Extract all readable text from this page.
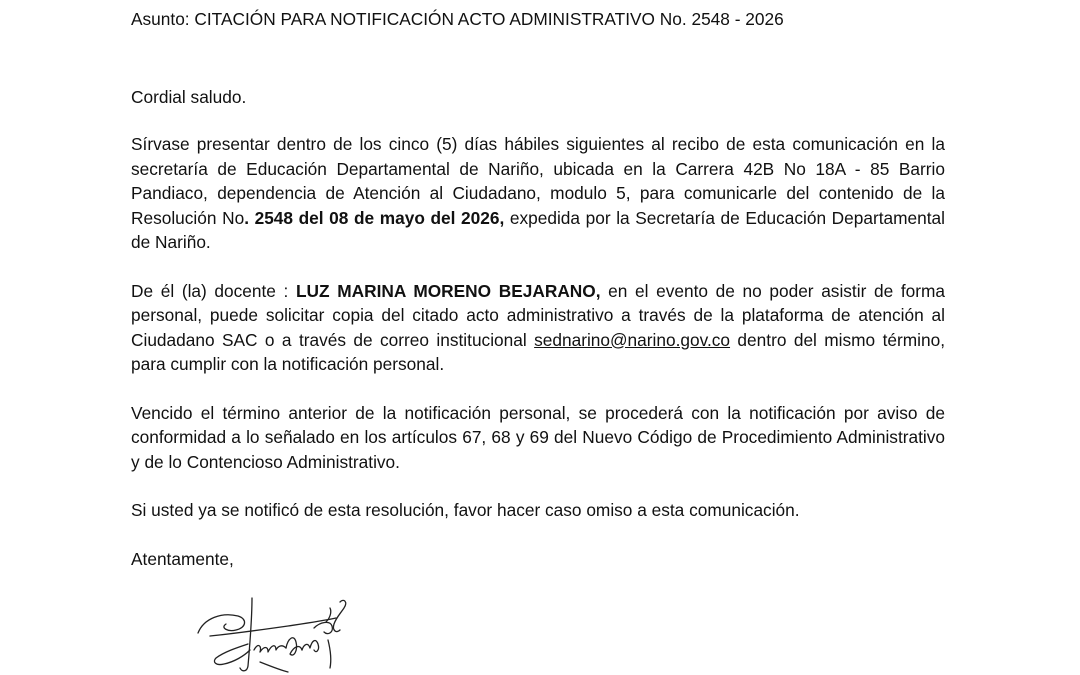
Asunto: CITACIÓN PARA NOTIFICACIÓN ACTO ADMINISTRATIVO No. 2548 - 2026

Cordial saludo.

Sírvase presentar dentro de los cinco (5) días hábiles siguientes al recibo de esta comunicación en la secretaría de Educación Departamental de Nariño, ubicada en la Carrera 42B No 18A - 85 Barrio Pandiaco, dependencia de Atención al Ciudadano, modulo 5, para comunicarle del contenido de la Resolución No. 2548 del 08 de mayo del 2026, expedida por la Secretaría de Educación Departamental de Nariño.

De él (la) docente : LUZ MARINA MORENO BEJARANO, en el evento de no poder asistir de forma personal, puede solicitar copia del citado acto administrativo a través de la plataforma de atención al Ciudadano SAC o a través de correo institucional sednarino@narino.gov.co dentro del mismo término, para cumplir con la notificación personal.

Vencido el término anterior de la notificación personal, se procederá con la notificación por aviso de conformidad a lo señalado en los artículos 67, 68 y 69 del Nuevo Código de Procedimiento Administrativo y de lo Contencioso Administrativo.

Si usted ya se notificó de esta resolución, favor hacer caso omiso a esta comunicación.

Atentamente,
